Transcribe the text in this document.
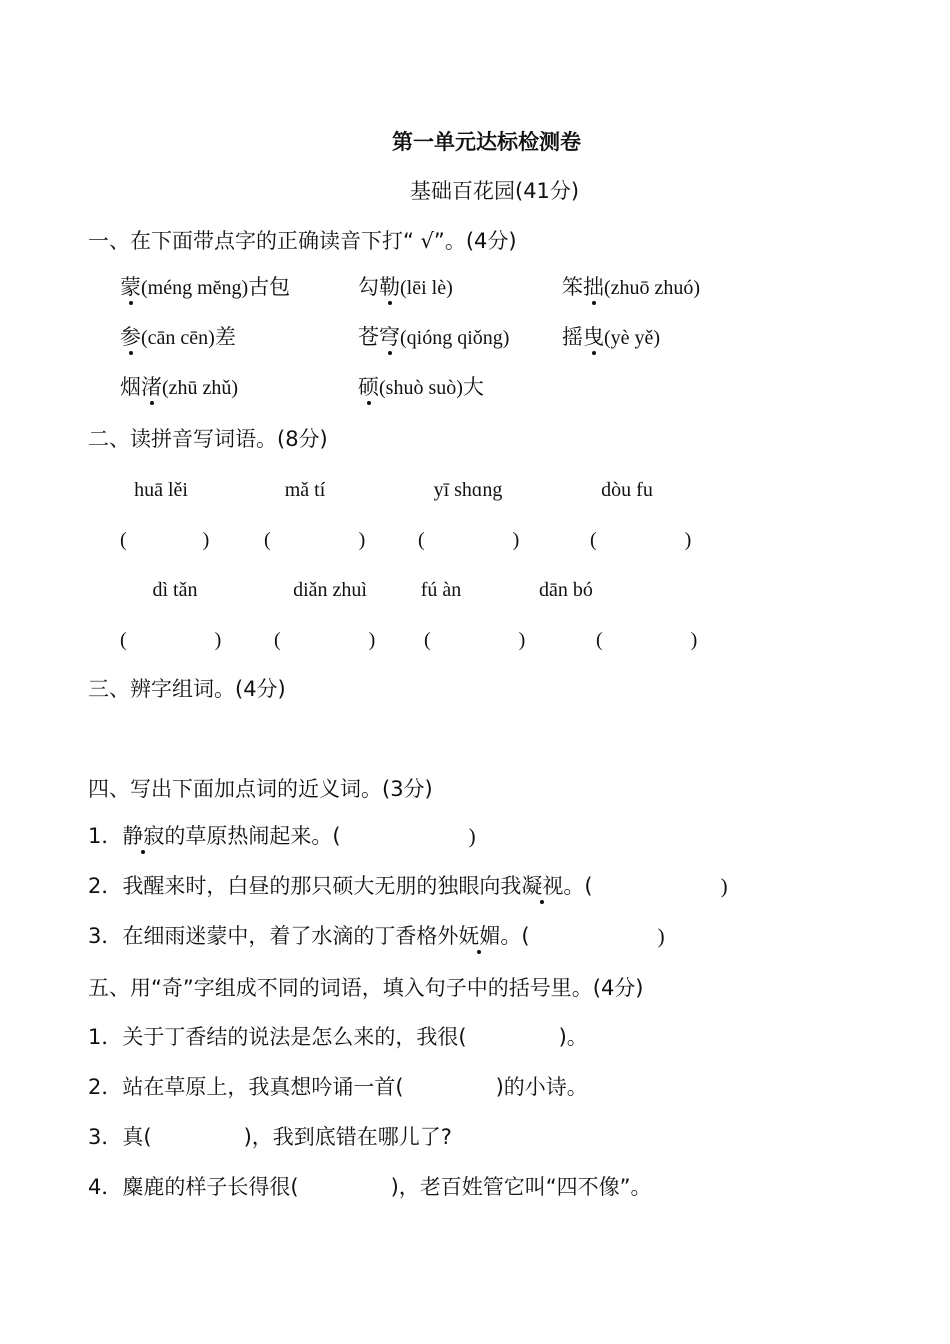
第一单元达标检测卷
基础百花园(41分)
一、在下面带点字的正确读音下打“ √”。(4分)
蒙(méng mĕng)古包	勾勒(lēi lè)	笨拙(zhuō zhuó)
参(cān cēn)差	苍穹(qióng qiǒng)	摇曳(yè yě)
烟渚(zhū zhǔ)	硕(shuò suò)大
二、读拼音写词语。(8分)
huā lěi	mǎ tí	yī shɑng	dòu fu
(	)	(	)	(	)	(	)
dì tǎn	diǎn zhuì	fú àn	dān bó
(	)	(	) (	)	(	)
三、辨字组词。(4分)
四、写出下面加点词的近义词。(3分)
1．静寂的草原热闹起来。(	)
2．我醒来时，白昼的那只硕大无朋的独眼向我凝视。(	)
3．在细雨迷蒙中，着了水滴的丁香格外妩媚。(	)
五、用“奇”字组成不同的词语，填入句子中的括号里。(4分)
1．关于丁香结的说法是怎么来的，我很(	)。
2．站在草原上，我真想吟诵一首(	)的小诗。
3．真(	)，我到底错在哪儿了?
4．麋鹿的样子长得很(	)，老百姓管它叫“四不像”。
